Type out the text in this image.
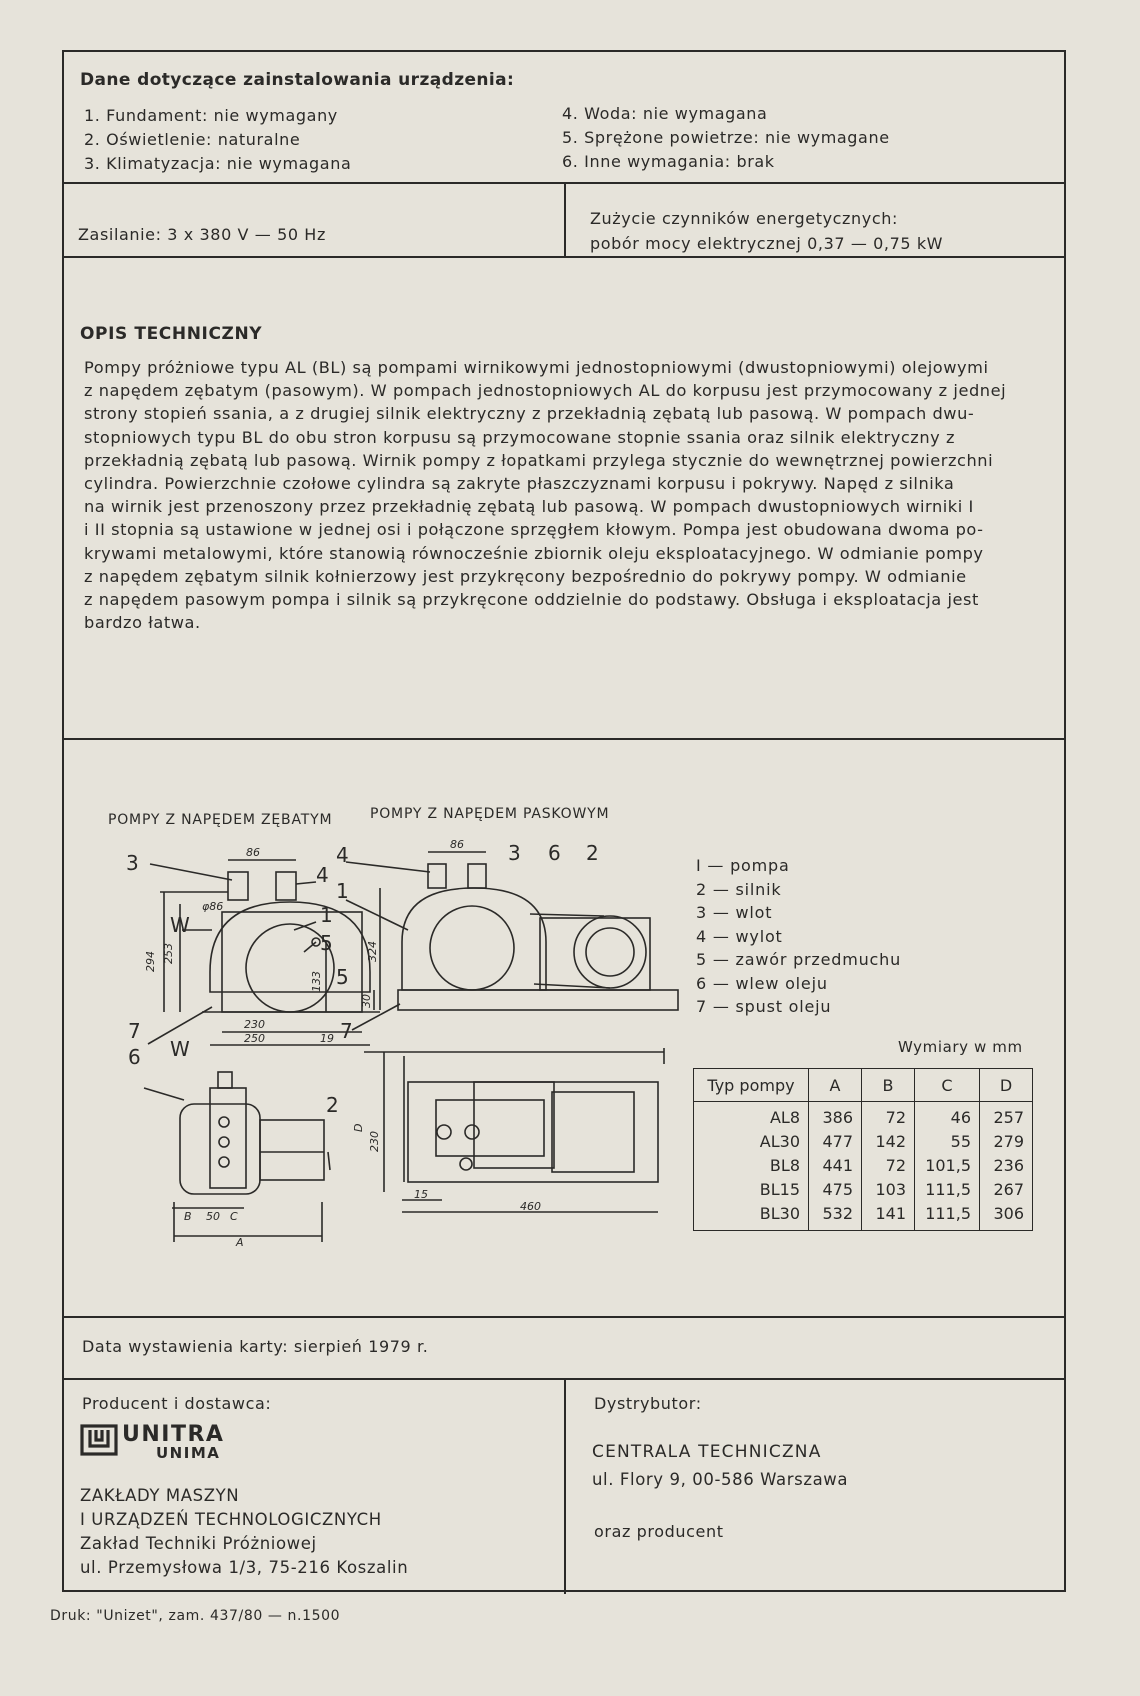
Dane dotyczące zainstalowania urządzenia:
1. Fundament: nie wymagany
2. Oświetlenie: naturalne
3. Klimatyzacja: nie wymagana
4. Woda: nie wymagana
5. Sprężone powietrze: nie wymagane
6. Inne wymagania: brak
Zasilanie: 3 x 380 V — 50 Hz
Zużycie czynników energetycznych:
pobór mocy elektrycznej 0,37 — 0,75 kW
OPIS TECHNICZNY
Pompy próżniowe typu AL (BL) są pompami wirnikowymi jednostopniowymi (dwustopniowymi) olejowymi
z napędem zębatym (pasowym). W pompach jednostopniowych AL do korpusu jest przymocowany z jednej
strony stopień ssania, a z drugiej silnik elektryczny z przekładnią zębatą lub pasową. W pompach dwu-
stopniowych typu BL do obu stron korpusu są przymocowane stopnie ssania oraz silnik elektryczny z
przekładnią zębatą lub pasową. Wirnik pompy z łopatkami przylega stycznie do wewnętrznej powierzchni
cylindra. Powierzchnie czołowe cylindra są zakryte płaszczyznami korpusu i pokrywy. Napęd z silnika
na wirnik jest przenoszony przez przekładnię zębatą lub pasową. W pompach dwustopniowych wirniki I
i II stopnia są ustawione w jednej osi i połączone sprzęgłem kłowym. Pompa jest obudowana dwoma po-
krywami metalowymi, które stanowią równocześnie zbiornik oleju eksploatacyjnego. W odmianie pompy
z napędem zębatym silnik kołnierzowy jest przykręcony bezpośrednio do pokrywy pompy. W odmianie
z napędem pasowym pompa i silnik są przykręcone oddzielnie do podstawy. Obsługa i eksploatacja jest
bardzo łatwa.
POMPY Z NAPĘDEM ZĘBATYM	POMPY Z NAPĘDEM PASKOWYM
3	4
1
5
W
7
W
6
2
4	3 6 2
1
5
7
86
φ86
294 253
133
230
250	19
86
324
30
230
D
15
460
B 50 C
A
I — pompa
2 — silnik
3 — wlot
4 — wylot
5 — zawór przedmuchu
6 — wlew oleju
7 — spust oleju
Wymiary w mm
Typ pompy	A	B	C	D
AL8	386	72	46	257
AL30	477	142	55	279
BL8	441	72	101,5	236
BL15	475	103	111,5	267
BL30	532	141	111,5	306
Data wystawienia karty: sierpień 1979 r.
Producent i dostawca:
UNITRA
UNIMA
ZAKŁADY MASZYN
I URZĄDZEŃ TECHNOLOGICZNYCH
Zakład Techniki Próżniowej
ul. Przemysłowa 1/3, 75-216 Koszalin
Dystrybutor:
CENTRALA TECHNICZNA
ul. Flory 9, 00-586 Warszawa
oraz producent
Druk: "Unizet", zam. 437/80 — n.1500
